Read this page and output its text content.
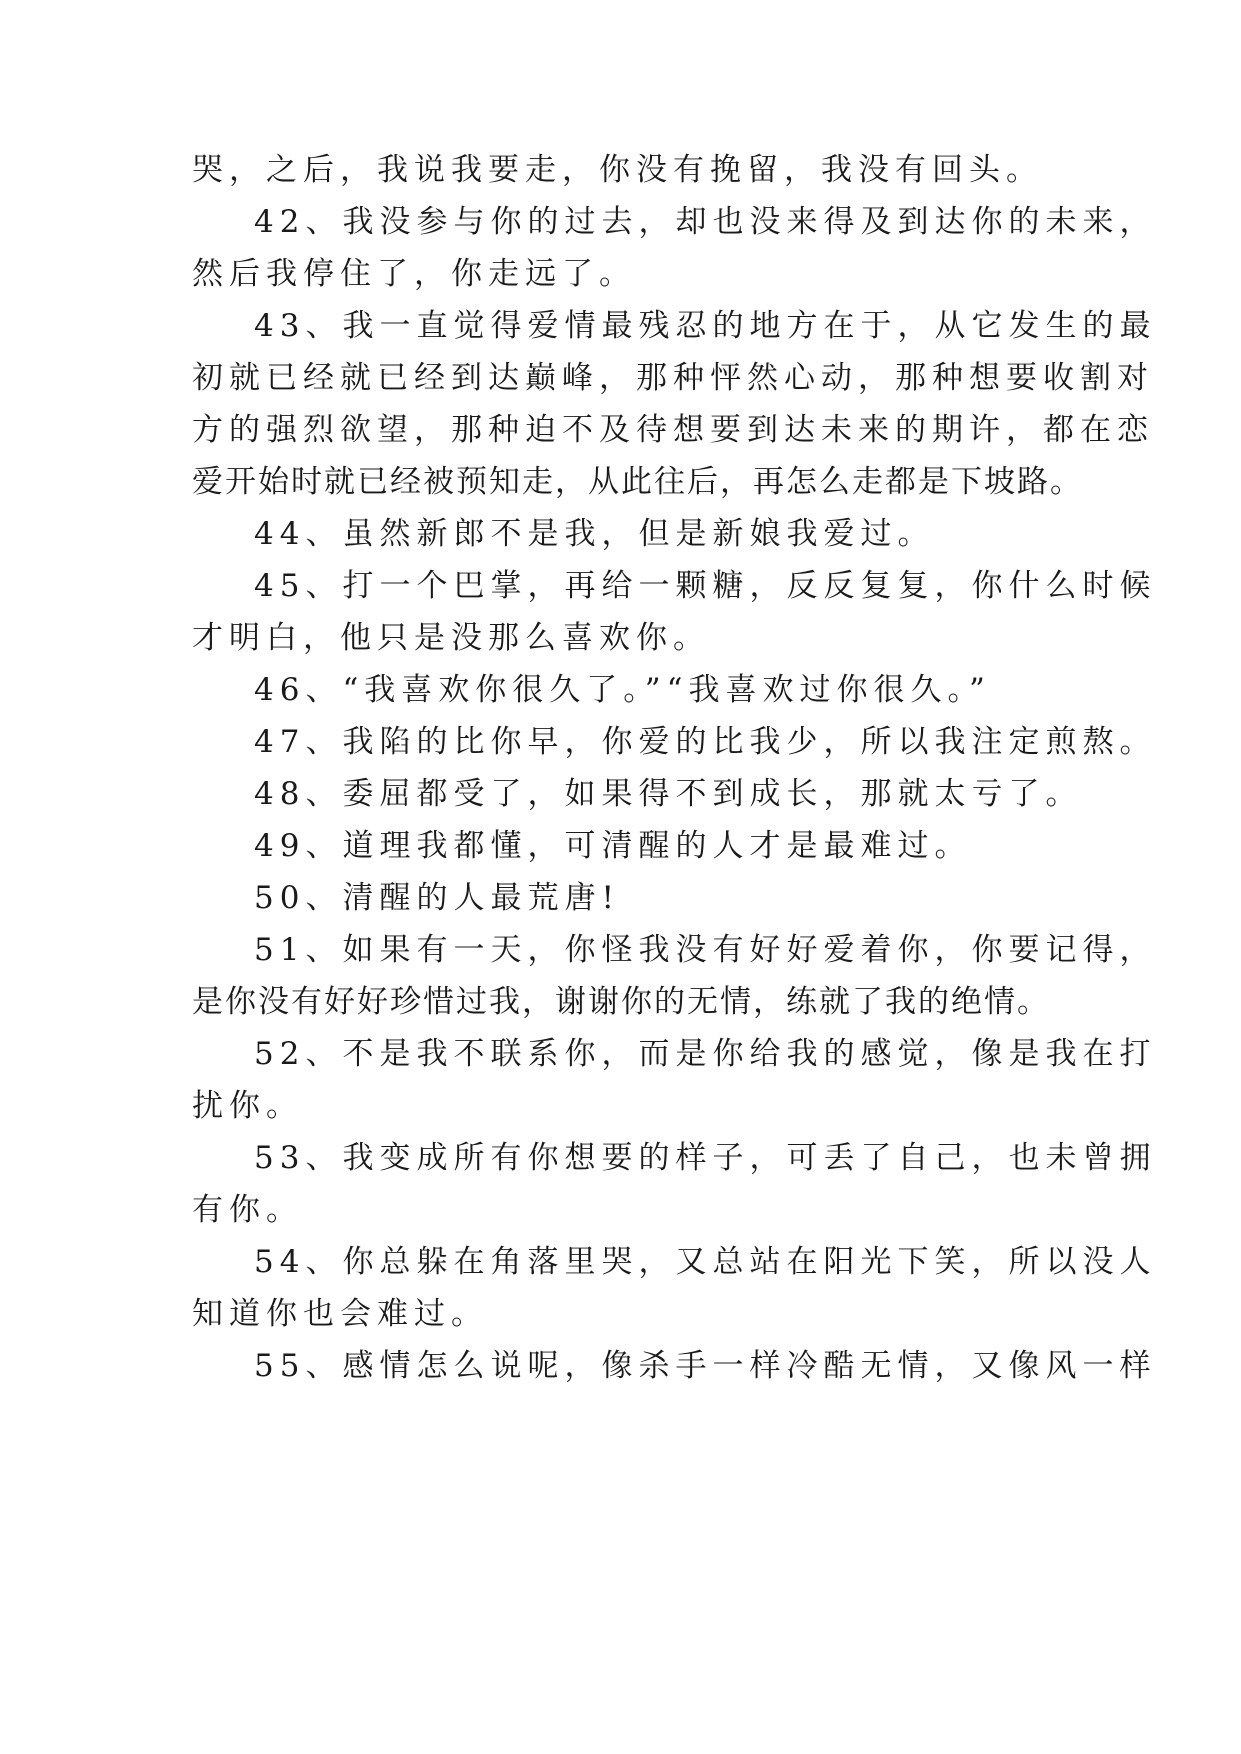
哭，之后，我说我要走，你没有挽留，我没有回头。
42、我没参与你的过去，却也没来得及到达你的未来，
然后我停住了，你走远了。
43、我一直觉得爱情最残忍的地方在于，从它发生的最
初就已经就已经到达巅峰，那种怦然心动，那种想要收割对
方的强烈欲望，那种迫不及待想要到达未来的期许，都在恋
爱开始时就已经被预知走，从此往后，再怎么走都是下坡路。
44、虽然新郎不是我，但是新娘我爱过。
45、打一个巴掌，再给一颗糖，反反复复，你什么时候
才明白，他只是没那么喜欢你。
46、“我喜欢你很久了。”“我喜欢过你很久。”
47、我陷的比你早，你爱的比我少，所以我注定煎熬。
48、委屈都受了，如果得不到成长，那就太亏了。
49、道理我都懂，可清醒的人才是最难过。
50、清醒的人最荒唐!
51、如果有一天，你怪我没有好好爱着你，你要记得，
是你没有好好珍惜过我，谢谢你的无情，练就了我的绝情。
52、不是我不联系你，而是你给我的感觉，像是我在打
扰你。
53、我变成所有你想要的样子，可丢了自己，也未曾拥
有你。
54、你总躲在角落里哭，又总站在阳光下笑，所以没人
知道你也会难过。
55、感情怎么说呢，像杀手一样冷酷无情，又像风一样
